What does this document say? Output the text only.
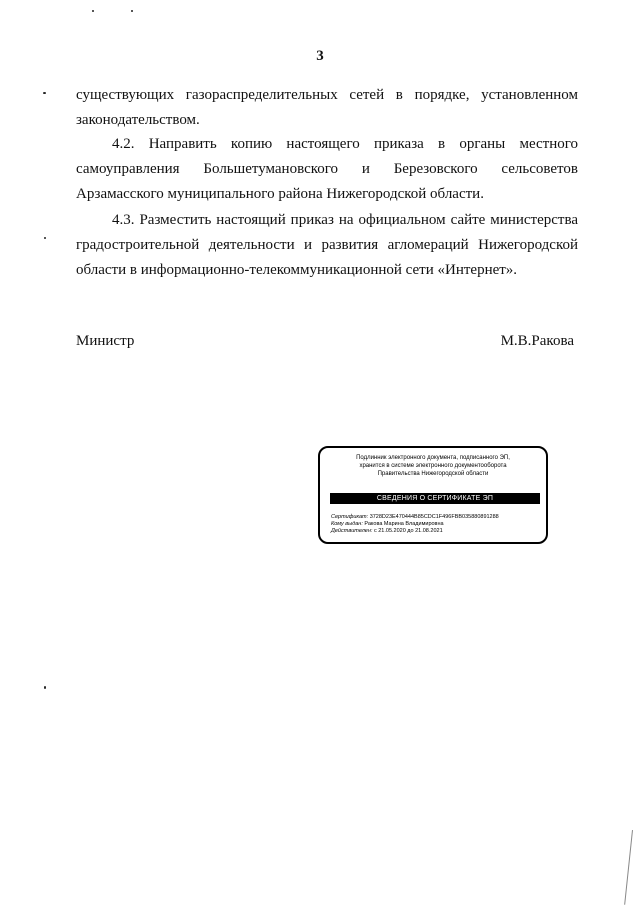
3
существующих газораспределительных сетей в порядке, установленном законодательством.
4.2. Направить копию настоящего приказа в органы местного самоуправления Большетумановского и Березовского сельсоветов Арзамасского муниципального района Нижегородской области.
4.3. Разместить настоящий приказ на официальном сайте министерства градостроительной деятельности и развития агломераций Нижегородской области в информационно-телекоммуникационной сети «Интернет».
Министр	М.В.Ракова
Подлинник электронного документа, подписанного ЭП,
хранится в системе электронного документооборота
Правительства Нижегородской области
СВЕДЕНИЯ О СЕРТИФИКАТЕ ЭП
Сертификат: 3728D23E470444B85CDC1F496FBB035880891288
Кому выдан: Ракова Марина Владимировна
Действителен: с 21.05.2020 до 21.08.2021
